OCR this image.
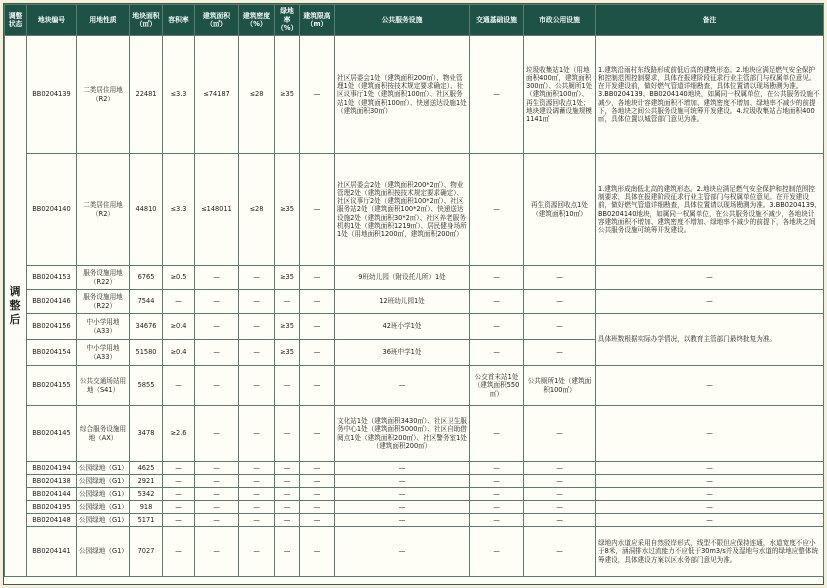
调整状态	地块编号	用地性质	地块面积（㎡）	容积率	建筑面积（㎡）	建筑密度（%）	绿地率（%）	建筑限高（m）	公共服务设施	交通基础设施	市政公用设施	备注
调整后	BB0204139	二类居住用地（R2）	22481	≤3.3	≤74187	≤28	≥35	—	社区居委会1处（建筑面积200㎡）、物业管理1处（建筑面积按技术规定要求确定）、社区议事厅1处（建筑面积100㎡）、社区服务站1处（建筑面积100㎡）、快递送达设施1处（建筑面积30㎡）	—	垃圾收集站1处（用地面积400㎡，建筑面积300㎡）、公共厕所1处（建筑面积100㎡）、再生资源回收点1处；地块建设调蓄设施规模1141㎡	1.建筑沿雨村东线路形成前低后高的建筑形态。2.地块应满足燃气安全保护和控制范围控制要求，具体在报建阶段征求行业主管部门与权属单位意见。在开发建设前，做好燃气管道详细勘查，具体位置请以现场勘测为准。3.BB0204139、BB0204140地块，如属同一权属单位，在公共服务设施不减少，各地块计容建筑面积不增加、建筑密度不增加、绿地率不减少的前提下，各地块之间公共服务设施可统筹开发建设。4.垃圾收集站占地面积400㎡，具体位置以城管部门意见为准。
	BB0204140	二类居住用地（R2）	44810	≤3.3	≤148011	≤28	≥35	—	社区居委会2处（建筑面积200*2㎡）、物业管理2处（建筑面积按技术规定要求确定）、社区议事厅2处（建筑面积100*2㎡）、社区服务站2处（建筑面积100*2㎡）、快递送达设施2处（建筑面积30*2㎡）、社区养老服务机构1处（建筑面积1219㎡）、居民健身场所1处（用地面积1200㎡，建筑面积200㎡）	—	再生资源回收点1处（建筑面积10㎡）	1.建筑形成南低北高的建筑形态。2.地块应满足燃气安全保护和控制范围控制要求，具体在报建阶段征求行业主管部门与权属单位意见。在开发建设前，做好燃气管道详细勘查，具体位置请以现场勘测为准。3.BB0204139、BB0204140地块，如属同一权属单位，在公共服务设施不减少，各地块计容建筑面积不增加、建筑密度不增加、绿地率不减少的前提下，各地块之间公共服务设施可统筹开发建设。
	BB0204153	服务设施用地（R22）	6765	≥0.5	—	—	≥35	—	9班幼儿园（附设托儿所）1处	—	—	—
	BB0204146	服务设施用地（R22）	7544	—	—	—	—	—	12班幼儿园1处	—	—	—
	BB0204156	中小学用地（A33）	34676	≥0.4	—	—	≥35	—	42班小学1处	—	—	具体班数根据实际办学情况，以教育主管部门最终批复为准。
	BB0204154	中小学用地（A33）	51580	≥0.4	—	—	≥35	—	36班中学1处	—	—	
	BB0204155	公共交通场站用地（S41）	5855	—	—	—	—	—	—	公交首末站1处（建筑面积550㎡）	公共厕所1处（建筑面积100㎡）	—
	BB0204145	综合服务设施用地（AX）	3478	≥2.6	—	—	—	—	文化站1处（建筑面积3430㎡）、社区卫生服务中心1处（建筑面积5000㎡）、社区自助借阅点1处（建筑面积200㎡）、社区警务室1处（建筑面积200㎡）	—	—	—
	BB0204194	公园绿地（G1）	4625	—	—	—	—	—	—	—	—	—
	BB0204138	公园绿地（G1）	2921	—	—	—	—	—	—	—	—	—
	BB0204144	公园绿地（G1）	5342	—	—	—	—	—	—	—	—	—
	BB0204195	公园绿地（G1）	918	—	—	—	—	—	—	—	—	—
	BB0204148	公园绿地（G1）	5171	—	—	—	—	—	—	—	—	—
	BB0204141	公园绿地（G1）	7027	—	—	—	—	—	—	—	—	绿地内水道应采用自然驳岸形式，线型不限但应保持连通，水道宽度不应小于8米，涵洞排水过流能力不应低于30m3/s并及湿地与水道的绿地应整体统筹建设，具体建设方案以区水务部门意见为准。
